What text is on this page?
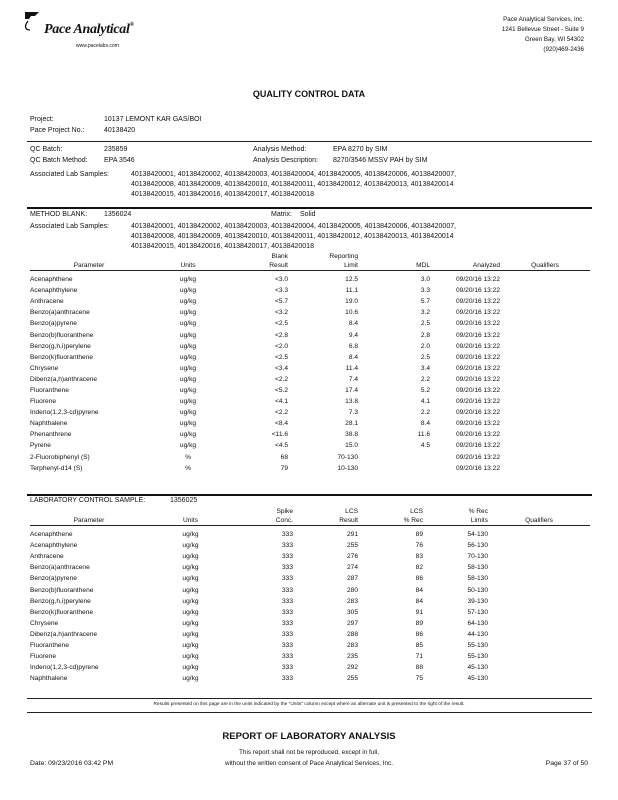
Pace Analytical®
www.pacelabs.com
Pace Analytical Services, Inc.
1241 Bellevue Street - Suite 9
Green Bay, WI 54302
(920)469-2436
QUALITY CONTROL DATA
Project:	10137 LEMONT KAR GAS/BOI
Pace Project No.:	40138420
QC Batch:	235859	Analysis Method:	EPA 8270 by SIM
QC Batch Method: EPA 3546	Analysis Description: 8270/3546 MSSV PAH by SIM
Associated Lab Samples:	40138420001, 40138420002, 40138420003, 40138420004, 40138420005, 40138420006, 40138420007,
40138420008, 40138420009, 40138420010, 40138420011, 40138420012, 40138420013, 40138420014
40138420015, 40138420016, 40138420017, 40138420018
METHOD BLANK: 1356024	Matrix: Solid
Associated Lab Samples:	40138420001, 40138420002, 40138420003, 40138420004, 40138420005, 40138420006, 40138420007,
40138420008, 40138420009, 40138420010, 40138420011, 40138420012, 40138420013, 40138420014
40138420015, 40138420016, 40138420017, 40138420018
		Blank	Reporting			
Parameter	Units	Result	Limit	MDL	Analyzed	Qualifiers

Acenaphthene	ug/kg	<3.0	12.5	3.0	09/20/16 13:22	
Acenaphthylene	ug/kg	<3.3	11.1	3.3	09/20/16 13:22	
Anthracene	ug/kg	<5.7	19.0	5.7	09/20/16 13:22	
Benzo(a)anthracene	ug/kg	<3.2	10.6	3.2	09/20/16 13:22	
Benzo(a)pyrene	ug/kg	<2.5	8.4	2.5	09/20/16 13:22	
Benzo(b)fluoranthene	ug/kg	<2.8	9.4	2.8	09/20/16 13:22	
Benzo(g,h,i)perylene	ug/kg	<2.0	6.8	2.0	09/20/16 13:22	
Benzo(k)fluoranthene	ug/kg	<2.5	8.4	2.5	09/20/16 13:22	
Chrysene	ug/kg	<3.4	11.4	3.4	09/20/16 13:22	
Dibenz(a,h)anthracene	ug/kg	<2.2	7.4	2.2	09/20/16 13:22	
Fluoranthene	ug/kg	<5.2	17.4	5.2	09/20/16 13:22	
Fluorene	ug/kg	<4.1	13.8	4.1	09/20/16 13:22	
Indeno(1,2,3-cd)pyrene	ug/kg	<2.2	7.3	2.2	09/20/16 13:22	
Naphthalene	ug/kg	<8.4	28.1	8.4	09/20/16 13:22	
Phenanthrene	ug/kg	<11.6	38.8	11.6	09/20/16 13:22	
Pyrene	ug/kg	<4.5	15.0	4.5	09/20/16 13:22	
2-Fluorobiphenyl (S)	%	68	70-130		09/20/16 13:22	
Terphenyl-d14 (S)	%	79	10-130		09/20/16 13:22	
LABORATORY CONTROL SAMPLE:	1356025
		Spike	LCS	LCS	% Rec	
Parameter	Units	Conc.	Result	% Rec	Limits	Qualifiers

Acenaphthene	ug/kg	333	291	89	54-130	
Acenaphthylene	ug/kg	333	255	76	56-130	
Anthracene	ug/kg	333	276	83	70-130	
Benzo(a)anthracene	ug/kg	333	274	82	58-130	
Benzo(a)pyrene	ug/kg	333	287	86	58-130	
Benzo(b)fluoranthene	ug/kg	333	280	84	50-130	
Benzo(g,h,i)perylene	ug/kg	333	283	84	39-130	
Benzo(k)fluoranthene	ug/kg	333	305	91	57-130	
Chrysene	ug/kg	333	297	89	64-130	
Dibenz(a,h)anthracene	ug/kg	333	288	86	44-130	
Fluoranthene	ug/kg	333	283	85	55-130	
Fluorene	ug/kg	333	235	71	55-130	
Indeno(1,2,3-cd)pyrene	ug/kg	333	292	88	45-130	
Naphthalene	ug/kg	333	255	75	45-130	
Results presented on this page are in the units indicated by the "Units" column except where an alternate unit is presented to the right of the result.
REPORT OF LABORATORY ANALYSIS
This report shall not be reproduced, except in full,
without the written consent of Pace Analytical Services, Inc.
Date: 09/23/2016 03:42 PM	Page 37 of 50
